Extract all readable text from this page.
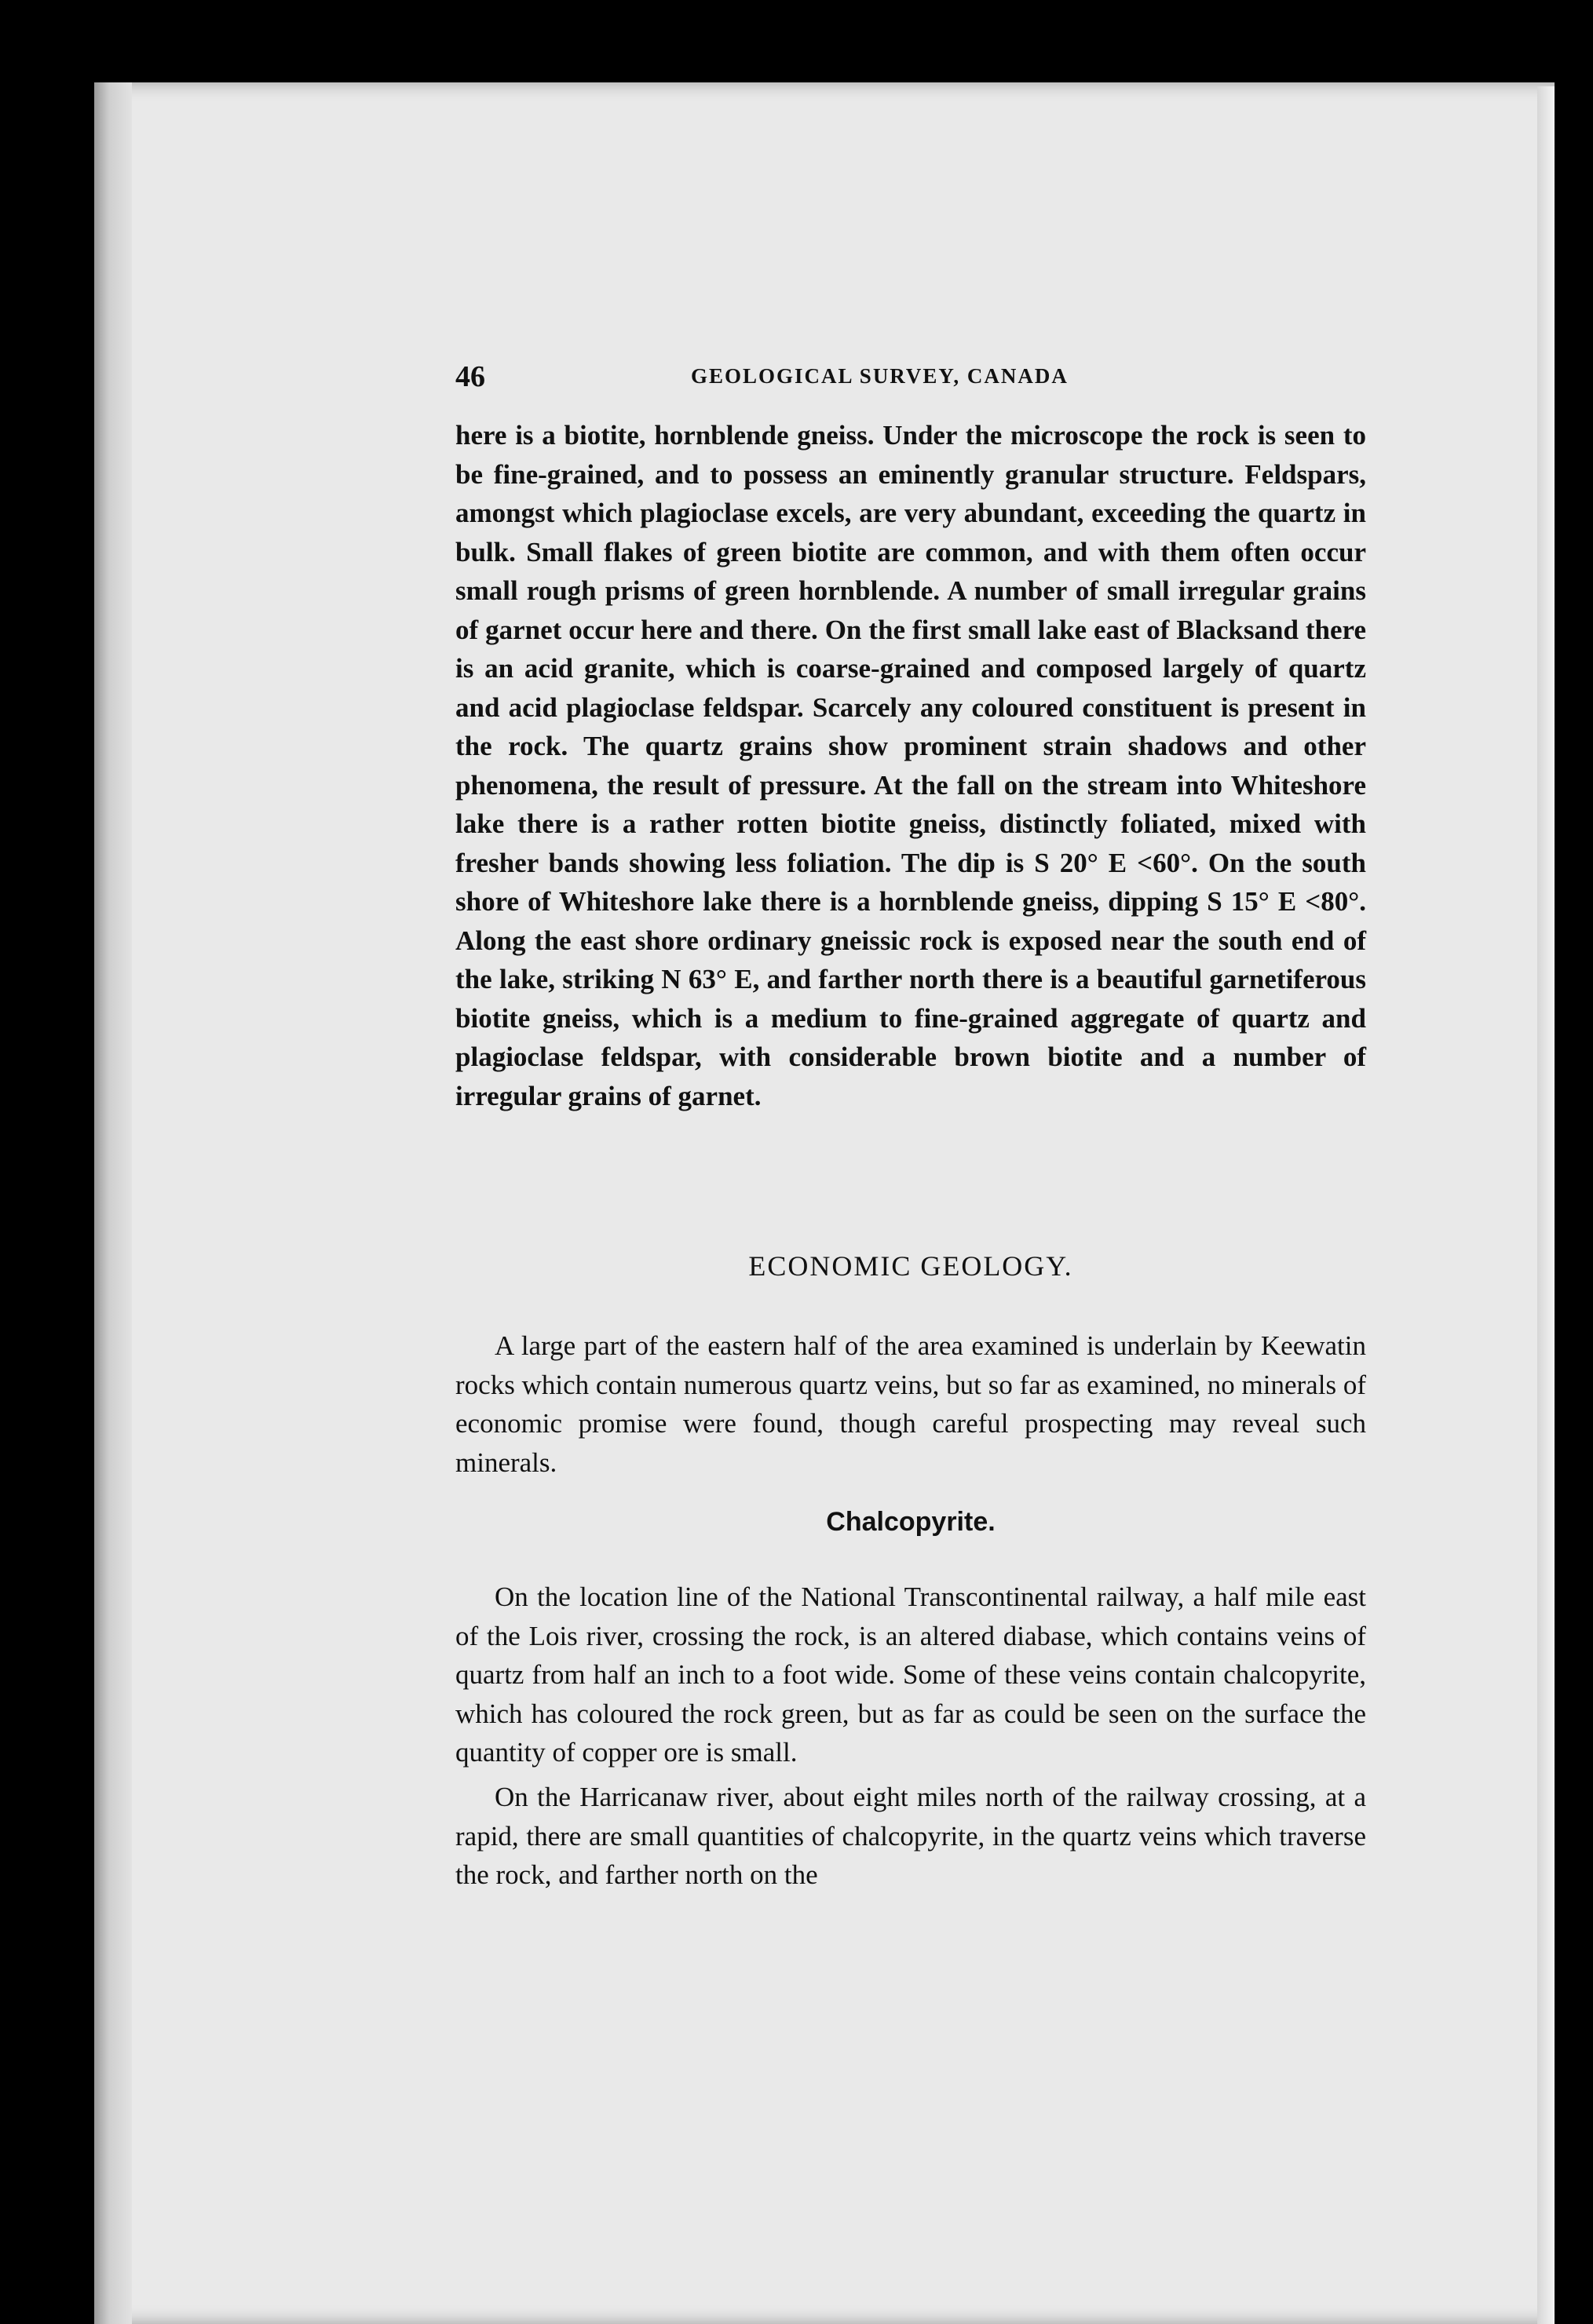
46	GEOLOGICAL SURVEY, CANADA

here is a biotite, hornblende gneiss. Under the microscope the rock is seen to be fine-grained, and to possess an eminently granular structure. Feldspars, amongst which plagioclase excels, are very abundant, exceeding the quartz in bulk. Small flakes of green biotite are common, and with them often occur small rough prisms of green hornblende. A number of small irregular grains of garnet occur here and there. On the first small lake east of Blacksand there is an acid granite, which is coarse-grained and composed largely of quartz and acid plagioclase feldspar. Scarcely any coloured constituent is present in the rock. The quartz grains show prominent strain shadows and other phenomena, the result of pressure. At the fall on the stream into Whiteshore lake there is a rather rotten biotite gneiss, distinctly foliated, mixed with fresher bands showing less foliation. The dip is S 20° E <60°. On the south shore of Whiteshore lake there is a hornblende gneiss, dipping S 15° E <80°. Along the east shore ordinary gneissic rock is exposed near the south end of the lake, striking N 63° E, and farther north there is a beautiful garnetiferous biotite gneiss, which is a medium to fine-grained aggregate of quartz and plagioclase feldspar, with considerable brown biotite and a number of irregular grains of garnet.

ECONOMIC GEOLOGY.

A large part of the eastern half of the area examined is underlain by Keewatin rocks which contain numerous quartz veins, but so far as examined, no minerals of economic promise were found, though careful prospecting may reveal such minerals.

Chalcopyrite.

On the location line of the National Transcontinental railway, a half mile east of the Lois river, crossing the rock, is an altered diabase, which contains veins of quartz from half an inch to a foot wide. Some of these veins contain chalcopyrite, which has coloured the rock green, but as far as could be seen on the surface the quantity of copper ore is small.

On the Harricanaw river, about eight miles north of the railway crossing, at a rapid, there are small quantities of chalcopyrite, in the quartz veins which traverse the rock, and farther north on the
